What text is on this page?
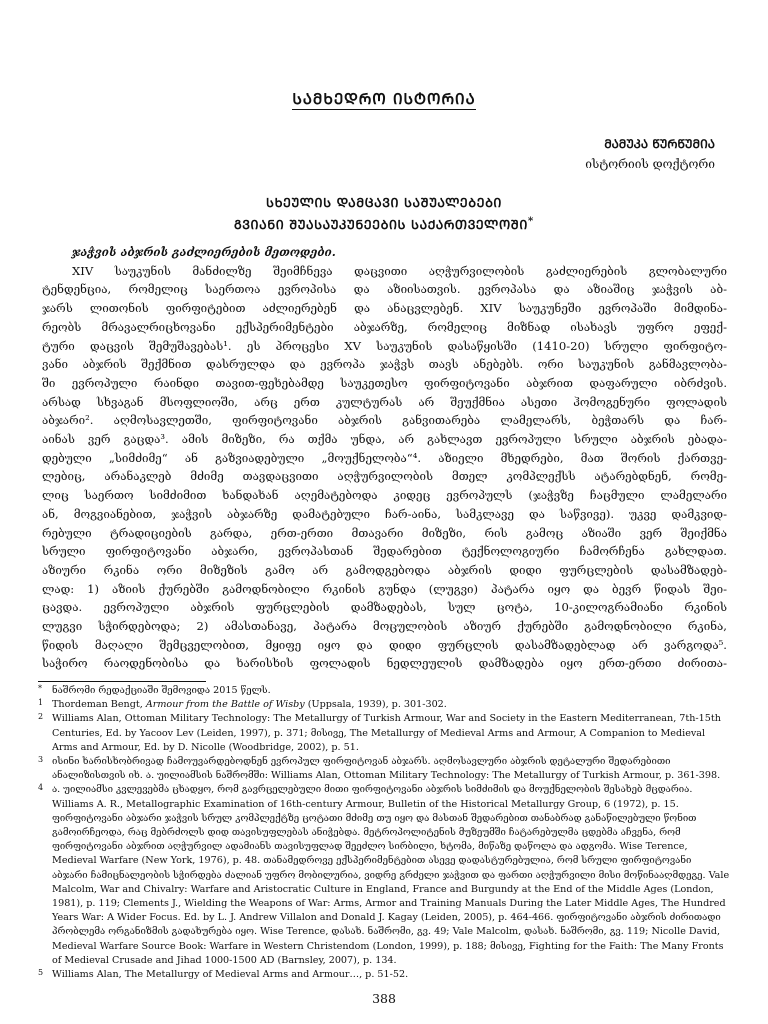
ᲡᲐᲛᲮᲔᲓᲠᲝ ᲘᲡᲢᲝᲠᲘᲐ
ᲛᲐᲛᲣᲙᲐ ᲬᲣᲠᲬᲣᲛᲘᲐ
ისტორიის დოქტორი
ᲡᲮᲔᲣᲚᲘᲡ ᲓᲐᲛᲪᲐᲕᲘ ᲡᲐᲨᲣᲐᲚᲔᲑᲔᲑᲘ
ᲒᲕᲘᲐᲜᲘ ᲨᲣᲐᲡᲐᲣᲙᲣᲜᲔᲔᲑᲘᲡ ᲡᲐᲥᲐᲠᲗᲕᲔᲚᲝᲨᲘ*
ჯაჭვის აბჯრის გაძლიერების მეთოდები.
XIV საუკუნის მანძილზე შეიმჩნევა დაცვითი აღჭურვილობის გაძლიერების გლობალური
ტენდენცია, რომელიც საერთოა ევროპისა და აზიისათვის. ევროპასა და აზიაშიც ჯაჭვის აბ-
ჯარს ლითონის ფირფიტებით აძლიერებენ და ანაცვლებენ. XIV საუკუნეში ევროპაში მიმდინა-
რეობს მრავალრიცხოვანი ექსპერიმენტები აბჯარზე, რომელიც მიზნად ისახავს უფრო ეფექ-
ტური დაცვის შემუშავებას¹. ეს პროცესი XV საუკუნის დასაწყისში (1410-20) სრული ფირფიტო-
ვანი აბჯრის შექმნით დასრულდა და ევროპა ჯაჭვს თავს ანებებს. ორი საუკუნის განმავლობა-
ში ევროპული რაინდი თავით-ფეხებამდე საუკეთესო ფირფიტოვანი აბჯრით დაფარული იბრძვის.
არსად სხვაგან მსოფლიოში, არც ერთ კულტურას არ შეუქმნია ასეთი ჰომოგენური ფოლადის
აბჯარი². აღმოსავლეთში, ფირფიტოვანი აბჯრის განვითარება ლამელარს, ბეჭთარს და ჩარ-
აინას ვერ გაცდა³. ამის მიზეზი, რა თქმა უნდა, არ გახლავთ ევროპული სრული აბჯრის ებადა-
დებული „სიმძიმე“ ან გაზვიადებული „მოუქნელობა“⁴. აზიელი მხედრები, მათ შორის ქართვე-
ლებიც, არანაკლებ მძიმე თავდაცვითი აღჭურვილობის მთელ კომპლექსს ატარებდნენ, რომე-
ლიც საერთო სიმძიმით ხანდახან აღემატებოდა კიდეც ევროპულს (ჯაჭვზე ჩაცმული ლამელარი
ან, მოგვიანებით, ჯაჭვის აბჯარზე დამატებული ჩარ-აინა, სამკლავე და საწვივე). უკვე დამკვიდ-
რებული ტრადიციების გარდა, ერთ-ერთი მთავარი მიზეზი, რის გამოც აზიაში ვერ შეიქმნა
სრული ფირფიტოვანი აბჯარი, ევროპასთან შედარებით ტექნოლოგიური ჩამორჩენა გახლდათ.
აზიური რკინა ორი მიზეზის გამო არ გამოდგებოდა აბჯრის დიდი ფურცლების დასამზადებ-
ლად: 1) აზიის ქურებში გამოდნობილი რკინის გუნდა (ლუგვი) პატარა იყო და ბევრ წიდას შეი-
ცავდა. ევროპული აბჯრის ფურცლების დამზადებას, სულ ცოტა, 10-კილოგრამიანი რკინის
ლუგვი სჭირდებოდა; 2) ამასთანავე, პატარა მოცულობის აზიურ ქურებში გამოდნობილი რკინა,
წიდის მაღალი შემცველობით, მყიფე იყო და დიდი ფურცლის დასამზადებლად არ ვარგოდა⁵.
საჭირო რაოდენობისა და ხარისხის ფოლადის ნედლეულის დამზადება იყო ერთ-ერთი ძირითა-
* ნაშრომი რედაქციაში შემოვიდა 2015 წელს.
1 Thordeman Bengt, Armour from the Battle of Wisby (Uppsala, 1939), p. 301-302.
2 Williams Alan, Ottoman Military Technology: The Metallurgy of Turkish Armour, War and Society in the Eastern Mediterranean, 7th-15th Centuries, Ed. by Yacoov Lev (Leiden, 1997), p. 371; მისივე, The Metallurgy of Medieval Arms and Armour, A Companion to Medieval Arms and Armour, Ed. by D. Nicolle (Woodbridge, 2002), p. 51.
3 ისინი ხარისხობრივად ჩამოუვარდებოდნენ ევროპულ ფირფიტოვან აბჯარს. აღმოსავლური აბჯრის დეტალური შედარებითი ანალიზისთვის იხ. ა. უილიამსის ნაშრომში: Williams Alan, Ottoman Military Technology: The Metallurgy of Turkish Armour, p. 361-398.
4 ა. უილიამსი კვლევებმა ცხადყო, რომ გავრცელებული მითი ფირფიტოვანი აბჯრის სიმძიმის და მოუქნელობის შესახებ მცდარია. Williams A. R., Metallographic Examination of 16th-century Armour, Bulletin of the Historical Metallurgy Group, 6 (1972), p. 15. ფირფიტოვანი აბჯარი ჯაჭვის სრულ კომპლექტზე ცოტათი მძიმე თუ იყო და მასთან შედარებით თანაბრად განაწილებული წონით გამოირჩეოდა, რაც მებრძოლს დიდ თავისუფლებას ანიჭებდა. მეტროპოლიტენის მუზეუმში ჩატარებულმა ცდებმა აჩვენა, რომ ფირფიტოვანი აბჯრით აღჭურვილ ადამიანს თავისუფლად შეეძლო სირბილი, ხტომა, მიწაზე დაწოლა და ადგომა. Wise Terence, Medieval Warfare (New York, 1976), p. 48. თანამედროვე ექსპერიმენტებით ასევე დადასტურებულია, რომ სრული ფირფიტოვანი აბჯარი ჩამიცნალეობის სჭირდება ძალიან უფრო მობილურია, ვიდრე გრძელი ჯაჭვით და ფართი აღჭურვილი მისი მოწინააღმდეგე. Vale Malcolm, War and Chivalry: Warfare and Aristocratic Culture in England, France and Burgundy at the End of the Middle Ages (London, 1981), p. 119; Clements J., Wielding the Weapons of War: Arms, Armor and Training Manuals During the Later Middle Ages, The Hundred Years War: A Wider Focus. Ed. by L. J. Andrew Villalon and Donald J. Kagay (Leiden, 2005), p. 464-466. ფირფიტოვანი აბჯრის ძირითადი პრობლემა ორგანიზმის გადახურება იყო. Wise Terence, დასახ. ნაშრომი, გვ. 49; Vale Malcolm, დასახ. ნაშრომი, გვ. 119; Nicolle David, Medieval Warfare Source Book: Warfare in Western Christendom (London, 1999), p. 188; მისივე, Fighting for the Faith: The Many Fronts of Medieval Crusade and Jihad 1000-1500 AD (Barnsley, 2007), p. 134.
5 Williams Alan, The Metallurgy of Medieval Arms and Armour…, p. 51-52.
388
